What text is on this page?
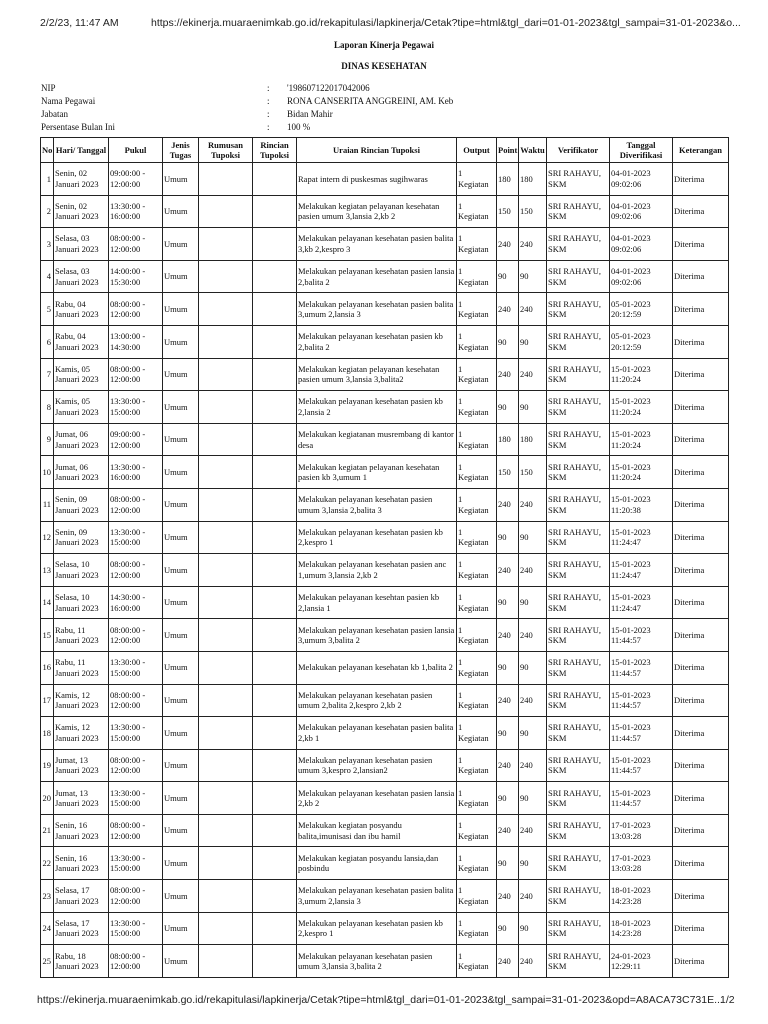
2/2/23, 11:47 AM	https://ekinerja.muaraenimkab.go.id/rekapitulasi/lapkinerja/Cetak?tipe=html&tgl_dari=01-01-2023&tgl_sampai=31-01-2023&o...
Laporan Kinerja Pegawai
DINAS KESEHATAN
NIP	:	'198607122017042006
Nama Pegawai	:	RONA CANSERITA ANGGREINI, AM. Keb
Jabatan	:	Bidan Mahir
Persentase Bulan Ini	:	100 %
No	Hari/ Tanggal	Pukul	Jenis Tugas	Rumusan Tupoksi	Rincian Tupoksi	Uraian Rincian Tupoksi	Output	Point	Waktu	Verifikator	Tanggal Diverifikasi	Keterangan
1	Senin, 02 Januari 2023	09:00:00 - 12:00:00	Umum			Rapat intern di puskesmas sugihwaras	1 Kegiatan	180	180	SRI RAHAYU, SKM	04-01-2023 09:02:06	Diterima
2	Senin, 02 Januari 2023	13:30:00 - 16:00:00	Umum			Melakukan kegiatan pelayanan kesehatan pasien umum 3,lansia 2,kb 2	1 Kegiatan	150	150	SRI RAHAYU, SKM	04-01-2023 09:02:06	Diterima
3	Selasa, 03 Januari 2023	08:00:00 - 12:00:00	Umum			Melakukan pelayanan kesehatan pasien balita 3,kb 2,kespro 3	1 Kegiatan	240	240	SRI RAHAYU, SKM	04-01-2023 09:02:06	Diterima
4	Selasa, 03 Januari 2023	14:00:00 - 15:30:00	Umum			Melakukan pelayanan kesehatan pasien lansia 2,balita 2	1 Kegiatan	90	90	SRI RAHAYU, SKM	04-01-2023 09:02:06	Diterima
5	Rabu, 04 Januari 2023	08:00:00 - 12:00:00	Umum			Melakukan pelayanan kesehatan pasien balita 3,umum 2,lansia 3	1 Kegiatan	240	240	SRI RAHAYU, SKM	05-01-2023 20:12:59	Diterima
6	Rabu, 04 Januari 2023	13:00:00 - 14:30:00	Umum			Melakukan pelayanan kesehatan pasien kb 2,balita 2	1 Kegiatan	90	90	SRI RAHAYU, SKM	05-01-2023 20:12:59	Diterima
7	Kamis, 05 Januari 2023	08:00:00 - 12:00:00	Umum			Melakukan kegiatan pelayanan kesehatan pasien umum 3,lansia 3,balita2	1 Kegiatan	240	240	SRI RAHAYU, SKM	15-01-2023 11:20:24	Diterima
8	Kamis, 05 Januari 2023	13:30:00 - 15:00:00	Umum			Melakukan pelayanan kesehatan pasien kb 2,lansia 2	1 Kegiatan	90	90	SRI RAHAYU, SKM	15-01-2023 11:20:24	Diterima
9	Jumat, 06 Januari 2023	09:00:00 - 12:00:00	Umum			Melakukan kegiatanan musrembang di kantor desa	1 Kegiatan	180	180	SRI RAHAYU, SKM	15-01-2023 11:20:24	Diterima
10	Jumat, 06 Januari 2023	13:30:00 - 16:00:00	Umum			Melakukan kegiatan pelayanan kesehatan pasien kb 3,umum 1	1 Kegiatan	150	150	SRI RAHAYU, SKM	15-01-2023 11:20:24	Diterima
11	Senin, 09 Januari 2023	08:00:00 - 12:00:00	Umum			Melakukan pelayanan kesehatan pasien umum 3,lansia 2,balita 3	1 Kegiatan	240	240	SRI RAHAYU, SKM	15-01-2023 11:20:38	Diterima
12	Senin, 09 Januari 2023	13:30:00 - 15:00:00	Umum			Melakukan pelayanan kesehatan pasien kb 2,kespro 1	1 Kegiatan	90	90	SRI RAHAYU, SKM	15-01-2023 11:24:47	Diterima
13	Selasa, 10 Januari 2023	08:00:00 - 12:00:00	Umum			Melakukan pelayanan kesehatan pasien anc 1,umum 3,lansia 2,kb 2	1 Kegiatan	240	240	SRI RAHAYU, SKM	15-01-2023 11:24:47	Diterima
14	Selasa, 10 Januari 2023	14:30:00 - 16:00:00	Umum			Melakukan pelayanan kesehtan pasien kb 2,lansia 1	1 Kegiatan	90	90	SRI RAHAYU, SKM	15-01-2023 11:24:47	Diterima
15	Rabu, 11 Januari 2023	08:00:00 - 12:00:00	Umum			Melakukan pelayanan kesehatan pasien lansia 3,umum 3,balita 2	1 Kegiatan	240	240	SRI RAHAYU, SKM	15-01-2023 11:44:57	Diterima
16	Rabu, 11 Januari 2023	13:30:00 - 15:00:00	Umum			Melakukan pelayanan kesehatan kb 1,balita 2	1 Kegiatan	90	90	SRI RAHAYU, SKM	15-01-2023 11:44:57	Diterima
17	Kamis, 12 Januari 2023	08:00:00 - 12:00:00	Umum			Melakukan pelayanan kesehatan pasien umum 2,balita 2,kespro 2,kb 2	1 Kegiatan	240	240	SRI RAHAYU, SKM	15-01-2023 11:44:57	Diterima
18	Kamis, 12 Januari 2023	13:30:00 - 15:00:00	Umum			Melakukan pelayanan kesehatan pasien balita 2,kb 1	1 Kegiatan	90	90	SRI RAHAYU, SKM	15-01-2023 11:44:57	Diterima
19	Jumat, 13 Januari 2023	08:00:00 - 12:00:00	Umum			Melakukan pelayanan kesehatan pasien umum 3,kespro 2,lansian2	1 Kegiatan	240	240	SRI RAHAYU, SKM	15-01-2023 11:44:57	Diterima
20	Jumat, 13 Januari 2023	13:30:00 - 15:00:00	Umum			Melakukan pelayanan kesehatan pasien lansia 2,kb 2	1 Kegiatan	90	90	SRI RAHAYU, SKM	15-01-2023 11:44:57	Diterima
21	Senin, 16 Januari 2023	08:00:00 - 12:00:00	Umum			Melakukan kegiatan posyandu balita,imunisasi dan ibu hamil	1 Kegiatan	240	240	SRI RAHAYU, SKM	17-01-2023 13:03:28	Diterima
22	Senin, 16 Januari 2023	13:30:00 - 15:00:00	Umum			Melakukan kegiatan posyandu lansia,dan posbindu	1 Kegiatan	90	90	SRI RAHAYU, SKM	17-01-2023 13:03:28	Diterima
23	Selasa, 17 Januari 2023	08:00:00 - 12:00:00	Umum			Melakukan pelayanan kesehatan pasien balita 3,umum 2,lansia 3	1 Kegiatan	240	240	SRI RAHAYU, SKM	18-01-2023 14:23:28	Diterima
24	Selasa, 17 Januari 2023	13:30:00 - 15:00:00	Umum			Melakukan pelayanan kesehatan pasien kb 2,kespro 1	1 Kegiatan	90	90	SRI RAHAYU, SKM	18-01-2023 14:23:28	Diterima
25	Rabu, 18 Januari 2023	08:00:00 - 12:00:00	Umum			Melakukan pelayanan kesehatan pasien umum 3,lansia 3,balita 2	1 Kegiatan	240	240	SRI RAHAYU, SKM	24-01-2023 12:29:11	Diterima
https://ekinerja.muaraenimkab.go.id/rekapitulasi/lapkinerja/Cetak?tipe=html&tgl_dari=01-01-2023&tgl_sampai=31-01-2023&opd=A8ACA73C731E...
1/2
